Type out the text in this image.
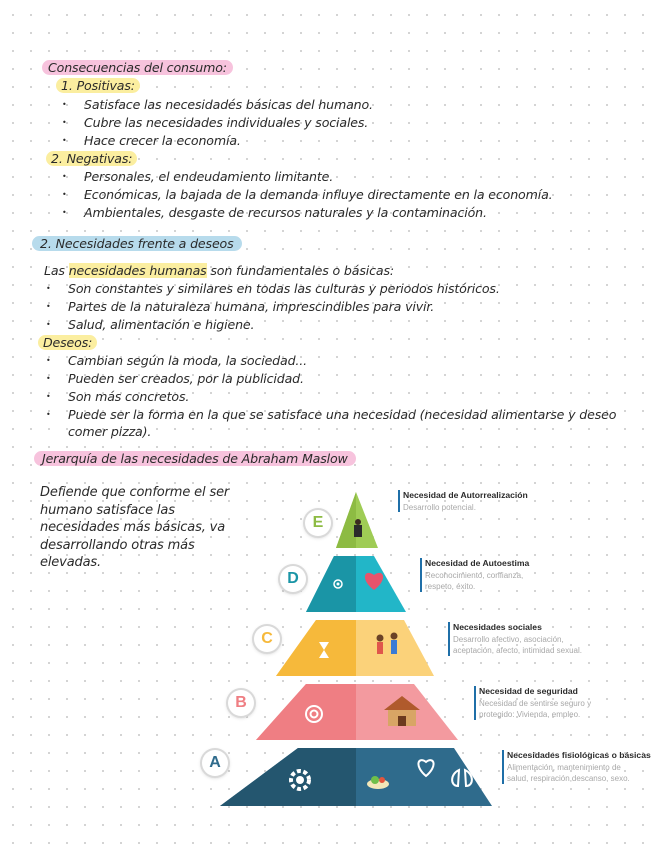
Consecuencias del consumo:
1. Positivas:
• Satisface las necesidadés básicas del humano.
• Cubre las necesidades individuales y sociales.
• Hace crecer la economía.
2. Negativas:
• Personales, el endeudamiento limitante.
• Económicas, la bajada de la demanda influye directamente en la economía.
• Ambientales, desgaste de recursos naturales y la contaminación.
2. Necesidades frente a deseos
Las necesidades humanas son fundamentales o básicas:
• Son constantes y similares en todas las culturas y periodos históricos.
• Partes de la naturaleza humana, imprescindibles para vivir.
• Salud, alimentación e higiene.
Deseos:
• Cambian según la moda, la sociedad...
• Pueden ser creados, por la publicidad.
• Son más concretos.
• Puede ser la forma en la que se satisface una necesidad (necesidad alimentarse y deseo comer pizza).
Jerarquía de las necesidades de Abraham Maslow
Defiende que conforme el ser humano satisface las necesidades más básicas, va desarrollando otras más elevadas.
E
D
C
B
A
Necesidad de Autorrealización
Desarrollo potencial.
Necesidad de Autoestima
Reconocimiento, confianza,
respeto, éxito.
Necesidades sociales
Desarrollo afectivo, asociación,
aceptación, afecto, intimidad sexual.
Necesidad de seguridad
Necesidad de sentirse seguro y
protegido: Vivienda, empleo.
Necesidades fisiológicas o básicas
Alimentación, mantenimiento de
salud, respiración,descanso, sexo.
